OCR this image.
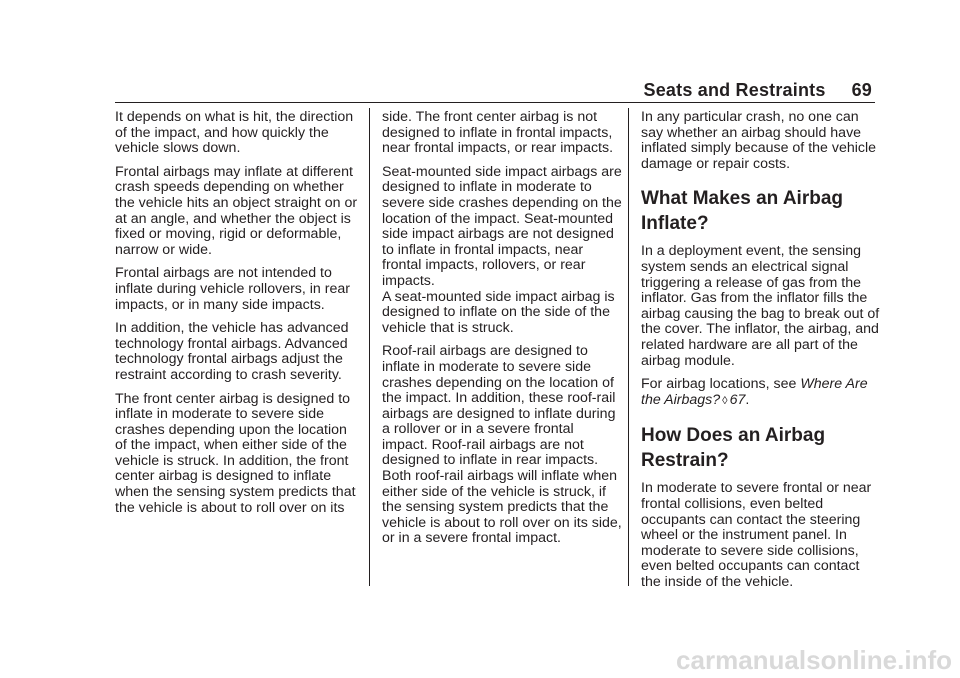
Seats and Restraints 69

It depends on what is hit, the direction of the impact, and how quickly the vehicle slows down.

Frontal airbags may inflate at different crash speeds depending on whether the vehicle hits an object straight on or at an angle, and whether the object is fixed or moving, rigid or deformable, narrow or wide.

Frontal airbags are not intended to inflate during vehicle rollovers, in rear impacts, or in many side impacts.

In addition, the vehicle has advanced technology frontal airbags. Advanced technology frontal airbags adjust the restraint according to crash severity.

The front center airbag is designed to inflate in moderate to severe side crashes depending upon the location of the impact, when either side of the vehicle is struck. In addition, the front center airbag is designed to inflate when the sensing system predicts that the vehicle is about to roll over on its

side. The front center airbag is not designed to inflate in frontal impacts, near frontal impacts, or rear impacts.

Seat-mounted side impact airbags are designed to inflate in moderate to severe side crashes depending on the location of the impact. Seat-mounted side impact airbags are not designed to inflate in frontal impacts, near frontal impacts, rollovers, or rear impacts.

A seat-mounted side impact airbag is designed to inflate on the side of the vehicle that is struck.

Roof-rail airbags are designed to inflate in moderate to severe side crashes depending on the location of the impact. In addition, these roof-rail airbags are designed to inflate during a rollover or in a severe frontal impact. Roof-rail airbags are not designed to inflate in rear impacts. Both roof-rail airbags will inflate when either side of the vehicle is struck, if the sensing system predicts that the vehicle is about to roll over on its side, or in a severe frontal impact.

In any particular crash, no one can say whether an airbag should have inflated simply because of the vehicle damage or repair costs.

What Makes an Airbag Inflate?

In a deployment event, the sensing system sends an electrical signal triggering a release of gas from the inflator. Gas from the inflator fills the airbag causing the bag to break out of the cover. The inflator, the airbag, and related hardware are all part of the airbag module.

For airbag locations, see Where Are the Airbags? ◊ 67.

How Does an Airbag Restrain?

In moderate to severe frontal or near frontal collisions, even belted occupants can contact the steering wheel or the instrument panel. In moderate to severe side collisions, even belted occupants can contact the inside of the vehicle.

carmanualsonline.info
